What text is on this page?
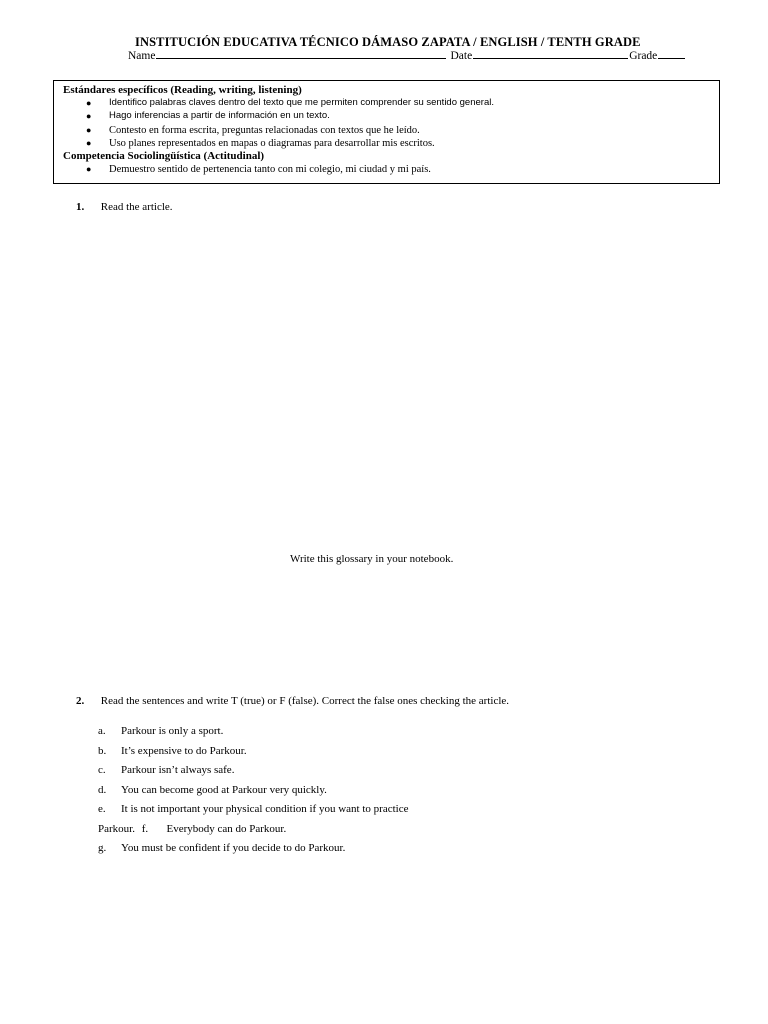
INSTITUCIÓN EDUCATIVA TÉCNICO DÁMASO ZAPATA / ENGLISH / TENTH GRADE
Name	Date	Grade
Estándares específicos (Reading, writing, listening)
● Identifico palabras claves dentro del texto que me permiten comprender su sentido general.
● Hago inferencias a partir de información en un texto.
● Contesto en forma escrita, preguntas relacionadas con textos que he leído.
● Uso planes representados en mapas o diagramas para desarrollar mis escritos.
Competencia Sociolingüística (Actitudinal)
● Demuestro sentido de pertenencia tanto con mi colegio, mi ciudad y mi país.
1. Read the article.
Write this glossary in your notebook.
2. Read the sentences and write T (true) or F (false). Correct the false ones checking the article.
a.	Parkour is only a sport.
b.	It’s expensive to do Parkour.
c.	Parkour isn’t always safe.
d.	You can become good at Parkour very quickly.
e.	It is not important your physical condition if you want to practice
Parkour. f. Everybody can do Parkour.
g.	You must be confident if you decide to do Parkour.
